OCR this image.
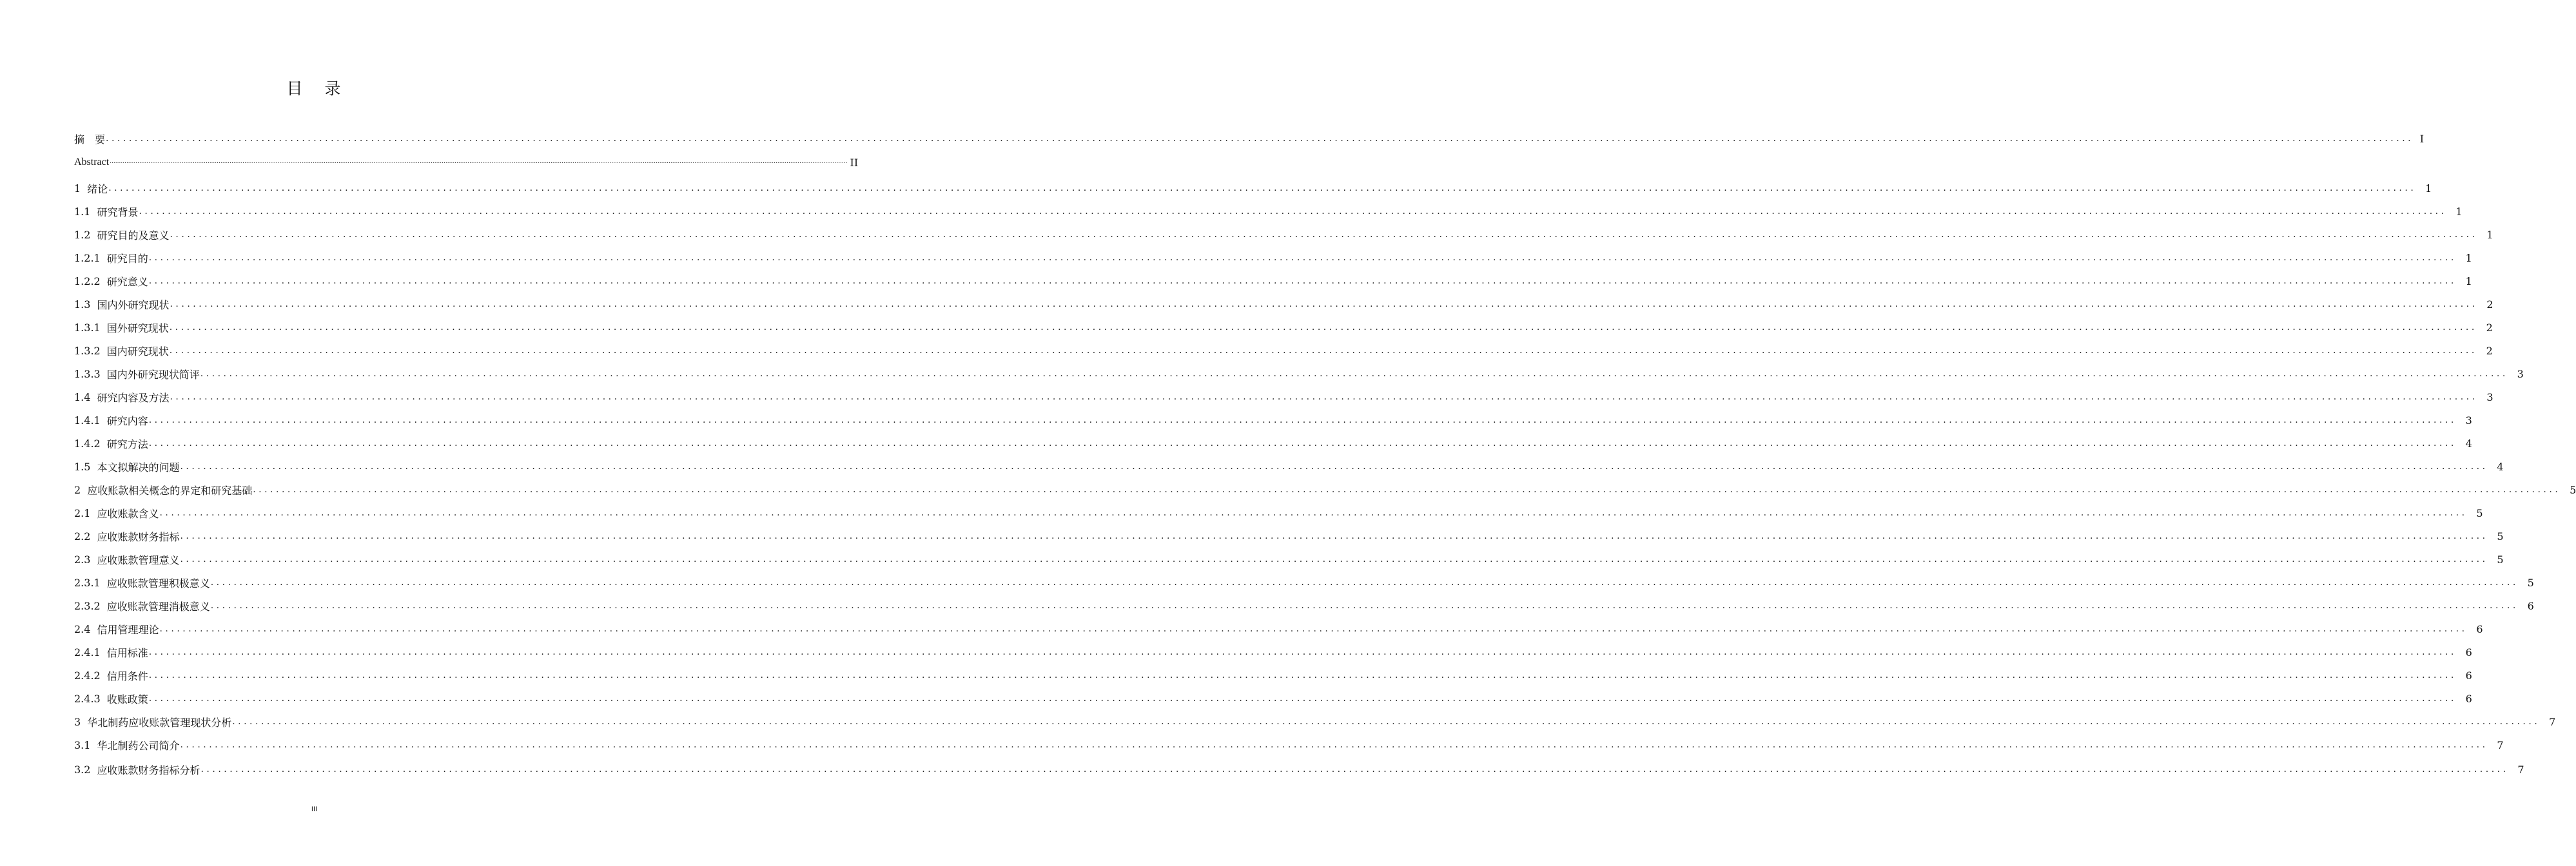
目 录
摘　要 ................................................................................................................................................................................................................................................................................................................................................................................................................ I
Abstract ................................................................................................................................................................................................................................................................................................................................................................................................................ II
1 绪论 ................................................................................................................................................................................................................................................................................................................................................................................................................ 1
1.1 研究背景 ................................................................................................................................................................................................................................................................................................................................................................................................................ 1
1.2 研究目的及意义 ................................................................................................................................................................................................................................................................................................................................................................................................................ 1
1.2.1 研究目的 ................................................................................................................................................................................................................................................................................................................................................................................................................ 1
1.2.2 研究意义 ................................................................................................................................................................................................................................................................................................................................................................................................................ 1
1.3 国内外研究现状 ................................................................................................................................................................................................................................................................................................................................................................................................................ 2
1.3.1 国外研究现状 ................................................................................................................................................................................................................................................................................................................................................................................................................ 2
1.3.2 国内研究现状 ................................................................................................................................................................................................................................................................................................................................................................................................................ 2
1.3.3 国内外研究现状简评 ................................................................................................................................................................................................................................................................................................................................................................................................................ 3
1.4 研究内容及方法 ................................................................................................................................................................................................................................................................................................................................................................................................................ 3
1.4.1 研究内容 ................................................................................................................................................................................................................................................................................................................................................................................................................ 3
1.4.2 研究方法 ................................................................................................................................................................................................................................................................................................................................................................................................................ 4
1.5 本文拟解决的问题 ................................................................................................................................................................................................................................................................................................................................................................................................................ 4
2 应收账款相关概念的界定和研究基础 ................................................................................................................................................................................................................................................................................................................................................................................................................ 5
2.1 应收账款含义 ................................................................................................................................................................................................................................................................................................................................................................................................................ 5
2.2 应收账款财务指标 ................................................................................................................................................................................................................................................................................................................................................................................................................ 5
2.3 应收账款管理意义 ................................................................................................................................................................................................................................................................................................................................................................................................................ 5
2.3.1 应收账款管理积极意义 ................................................................................................................................................................................................................................................................................................................................................................................................................ 5
2.3.2 应收账款管理消极意义 ................................................................................................................................................................................................................................................................................................................................................................................................................ 6
2.4 信用管理理论 ................................................................................................................................................................................................................................................................................................................................................................................................................ 6
2.4.1 信用标准 ................................................................................................................................................................................................................................................................................................................................................................................................................ 6
2.4.2 信用条件 ................................................................................................................................................................................................................................................................................................................................................................................................................ 6
2.4.3 收账政策 ................................................................................................................................................................................................................................................................................................................................................................................................................ 6
3 华北制药应收账款管理现状分析 ................................................................................................................................................................................................................................................................................................................................................................................................................ 7
3.1 华北制药公司简介 ................................................................................................................................................................................................................................................................................................................................................................................................................ 7
3.2 应收账款财务指标分析 ................................................................................................................................................................................................................................................................................................................................................................................................................ 7
III
